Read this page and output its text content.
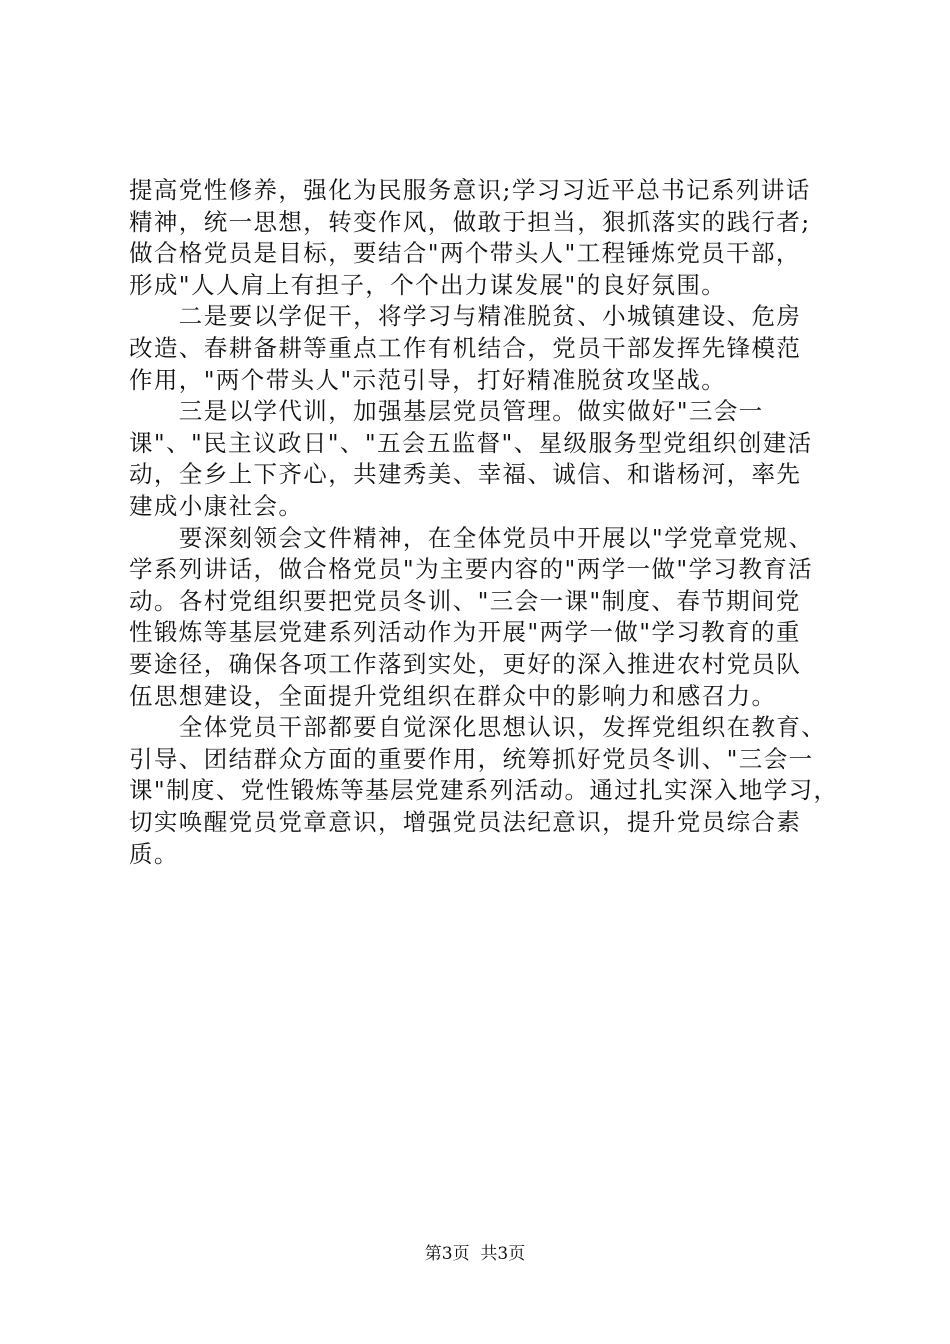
提高党性修养，强化为民服务意识;学习习近平总书记系列讲话
精神，统一思想，转变作风，做敢于担当，狠抓落实的践行者;
做合格党员是目标，要结合"两个带头人"工程锤炼党员干部，
形成"人人肩上有担子，个个出力谋发展"的良好氛围。
　　二是要以学促干，将学习与精准脱贫、小城镇建设、危房
改造、春耕备耕等重点工作有机结合，党员干部发挥先锋模范
作用，"两个带头人"示范引导，打好精准脱贫攻坚战。
　　三是以学代训，加强基层党员管理。做实做好"三会一
课"、"民主议政日"、"五会五监督"、星级服务型党组织创建活
动，全乡上下齐心，共建秀美、幸福、诚信、和谐杨河，率先
建成小康社会。
　　要深刻领会文件精神，在全体党员中开展以"学党章党规、
学系列讲话，做合格党员"为主要内容的"两学一做"学习教育活
动。各村党组织要把党员冬训、"三会一课"制度、春节期间党
性锻炼等基层党建系列活动作为开展"两学一做"学习教育的重
要途径，确保各项工作落到实处，更好的深入推进农村党员队
伍思想建设，全面提升党组织在群众中的影响力和感召力。
　　全体党员干部都要自觉深化思想认识，发挥党组织在教育、
引导、团结群众方面的重要作用，统筹抓好党员冬训、"三会一
课"制度、党性锻炼等基层党建系列活动。通过扎实深入地学习，
切实唤醒党员党章意识，增强党员法纪意识，提升党员综合素
质。
第3页  共3页
